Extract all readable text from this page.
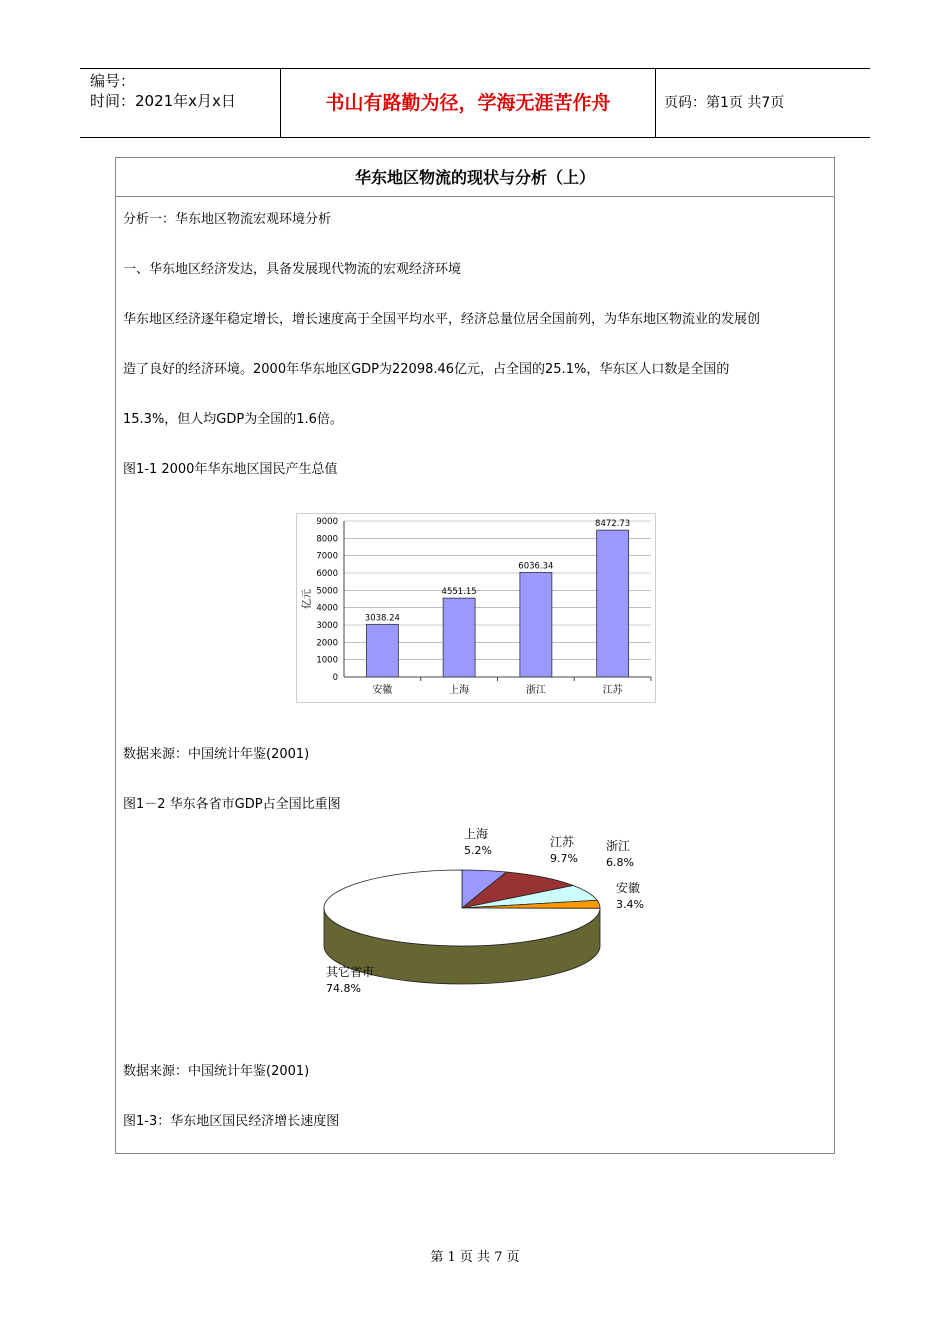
编号：
时间：2021年x月x日	书山有路勤为径，学海无涯苦作舟	页码：第1页 共7页
华东地区物流的现状与分析（上）
分析一：华东地区物流宏观环境分析
一、华东地区经济发达，具备发展现代物流的宏观经济环境
华东地区经济逐年稳定增长，增长速度高于全国平均水平，经济总量位居全国前列，为华东地区物流业的发展创
造了良好的经济环境。2000年华东地区GDP为22098.46亿元，占全国的25.1%，华东区人口数是全国的
15.3%，但人均GDP为全国的1.6倍。
图1-1 2000年华东地区国民产生总值
0
1000
2000
3000
4000
5000
6000
7000
8000
9000
亿元
3038.24
安徽
4551.15
上海
6036.34
浙江
8472.73
江苏
数据来源：中国统计年鉴(2001)
图1－2 华东各省市GDP占全国比重图
上海
5.2%
江苏
9.7%
浙江
6.8%
安徽
3.4%
其它省市
74.8%
数据来源：中国统计年鉴(2001)
图1-3：华东地区国民经济增长速度图
第 1 页 共 7 页
